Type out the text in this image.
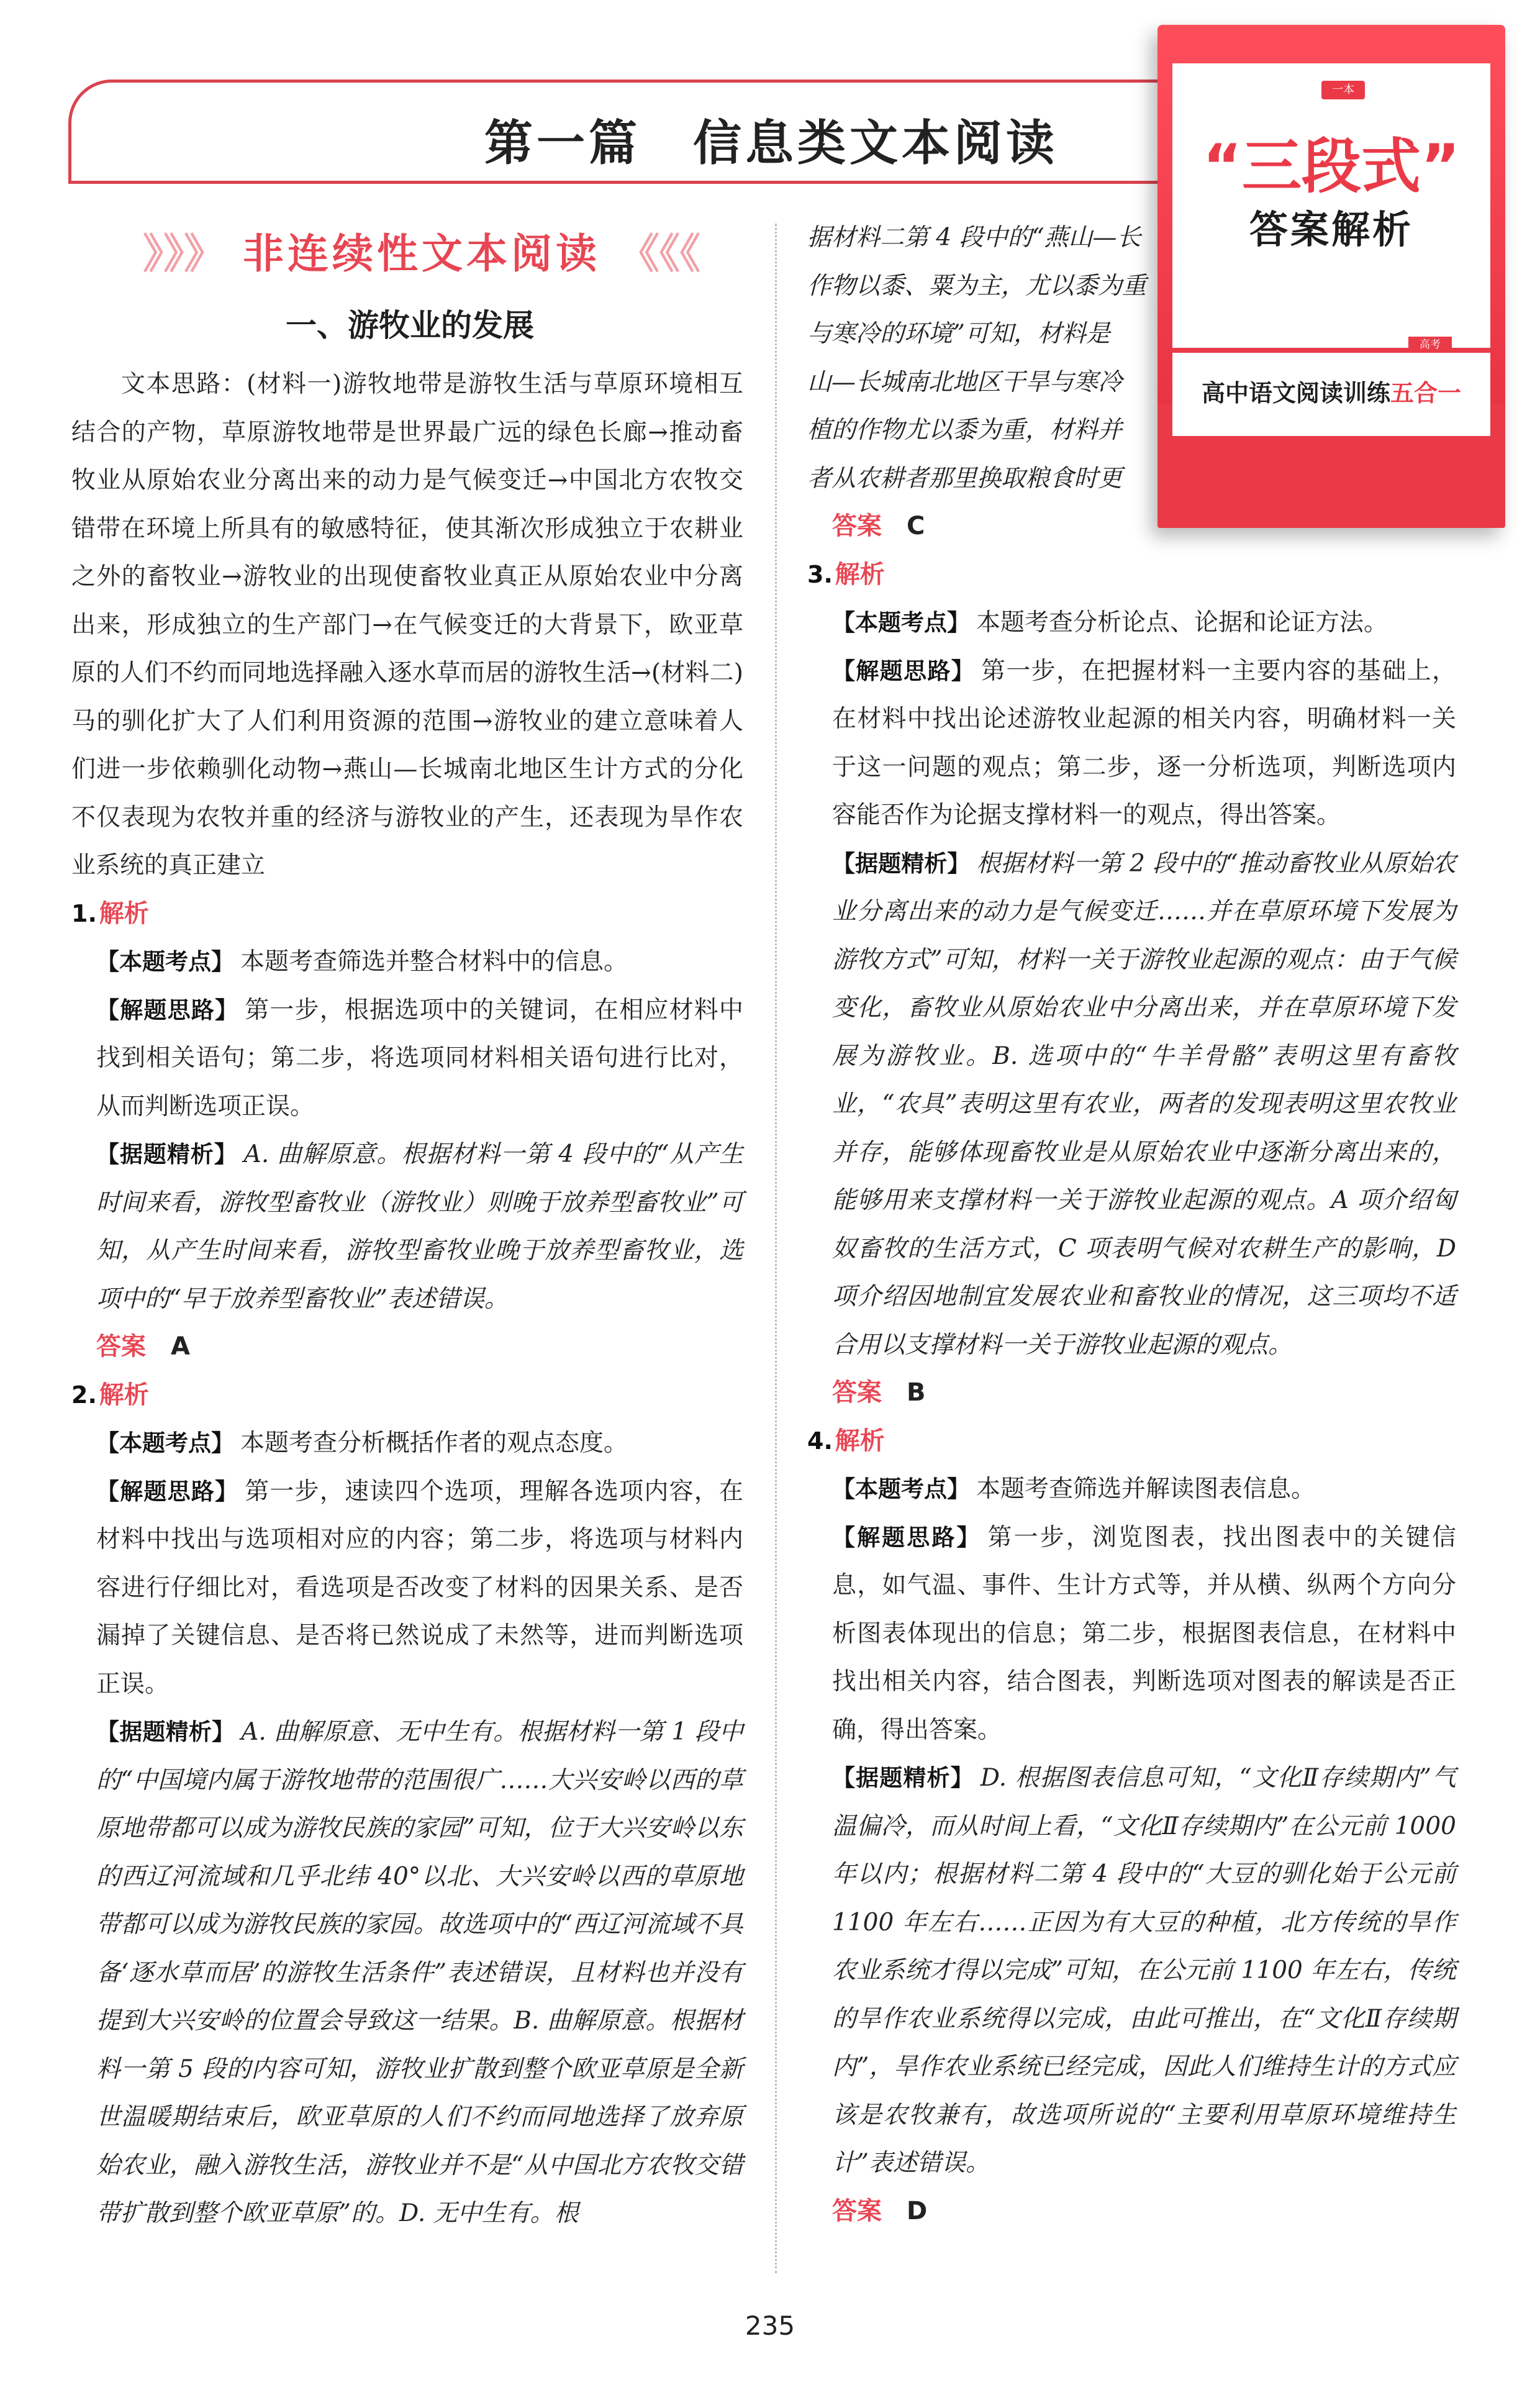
第一篇　信息类文本阅读
》》》 非连续性文本阅读 《《《
一、游牧业的发展

文本思路：(材料一)游牧地带是游牧生活与草原环境相互结合的产物，草原游牧地带是世界最广远的绿色长廊→推动畜牧业从原始农业分离出来的动力是气候变迁→中国北方农牧交错带在环境上所具有的敏感特征，使其渐次形成独立于农耕业之外的畜牧业→游牧业的出现使畜牧业真正从原始农业中分离出来，形成独立的生产部门→在气候变迁的大背景下，欧亚草原的人们不约而同地选择融入逐水草而居的游牧生活→(材料二)马的驯化扩大了人们利用资源的范围→游牧业的建立意味着人们进一步依赖驯化动物→燕山—长城南北地区生计方式的分化不仅表现为农牧并重的经济与游牧业的产生，还表现为旱作农业系统的真正建立

1. 解析

【本题考点】 本题考查筛选并整合材料中的信息。

【解题思路】 第一步，根据选项中的关键词，在相应材料中找到相关语句；第二步，将选项同材料相关语句进行比对，从而判断选项正误。

【据题精析】 A. 曲解原意。根据材料一第 4 段中的“从产生时间来看，游牧型畜牧业（游牧业）则晚于放养型畜牧业”可知，从产生时间来看，游牧型畜牧业晚于放养型畜牧业，选项中的“早于放养型畜牧业”表述错误。

答案 A

2. 解析

【本题考点】 本题考查分析概括作者的观点态度。

【解题思路】 第一步，速读四个选项，理解各选项内容，在材料中找出与选项相对应的内容；第二步，将选项与材料内容进行仔细比对，看选项是否改变了材料的因果关系、是否漏掉了关键信息、是否将已然说成了未然等，进而判断选项正误。

【据题精析】 A. 曲解原意、无中生有。根据材料一第 1 段中的“中国境内属于游牧地带的范围很广……大兴安岭以西的草原地带都可以成为游牧民族的家园”可知，位于大兴安岭以东的西辽河流域和几乎北纬 40°以北、大兴安岭以西的草原地带都可以成为游牧民族的家园。故选项中的“西辽河流域不具备‘逐水草而居’的游牧生活条件”表述错误，且材料也并没有提到大兴安岭的位置会导致这一结果。B. 曲解原意。根据材料一第 5 段的内容可知，游牧业扩散到整个欧亚草原是全新世温暖期结束后，欧亚草原的人们不约而同地选择了放弃原始农业，融入游牧生活，游牧业并不是“从中国北方农牧交错带扩散到整个欧亚草原”的。D. 无中生有。根

据材料二第 4 段中的“燕山—长
作物以黍、粟为主，尤以黍为重
与寒冷的环境”可知，材料是
山—长城南北地区干旱与寒冷
植的作物尤以黍为重，材料并
者从农耕者那里换取粮食时更

答案 C

3. 解析

【本题考点】 本题考查分析论点、论据和论证方法。

【解题思路】 第一步，在把握材料一主要内容的基础上，在材料中找出论述游牧业起源的相关内容，明确材料一关于这一问题的观点；第二步，逐一分析选项，判断选项内容能否作为论据支撑材料一的观点，得出答案。

【据题精析】 根据材料一第 2 段中的“推动畜牧业从原始农业分离出来的动力是气候变迁……并在草原环境下发展为游牧方式”可知，材料一关于游牧业起源的观点：由于气候变化，畜牧业从原始农业中分离出来，并在草原环境下发展为游牧业。B. 选项中的“牛羊骨骼”表明这里有畜牧业，“农具”表明这里有农业，两者的发现表明这里农牧业并存，能够体现畜牧业是从原始农业中逐渐分离出来的，能够用来支撑材料一关于游牧业起源的观点。A 项介绍匈奴畜牧的生活方式，C 项表明气候对农耕生产的影响，D 项介绍因地制宜发展农业和畜牧业的情况，这三项均不适合用以支撑材料一关于游牧业起源的观点。

答案 B

4. 解析

【本题考点】 本题考查筛选并解读图表信息。

【解题思路】 第一步，浏览图表，找出图表中的关键信息，如气温、事件、生计方式等，并从横、纵两个方向分析图表体现出的信息；第二步，根据图表信息，在材料中找出相关内容，结合图表，判断选项对图表的解读是否正确，得出答案。

【据题精析】 D. 根据图表信息可知，“文化Ⅱ存续期内”气温偏冷，而从时间上看，“文化Ⅱ存续期内”在公元前 1000 年以内；根据材料二第 4 段中的“大豆的驯化始于公元前 1100 年左右……正因为有大豆的种植，北方传统的旱作农业系统才得以完成”可知，在公元前 1100 年左右，传统的旱作农业系统得以完成，由此可推出，在“文化Ⅱ存续期内”，旱作农业系统已经完成，因此人们维持生计的方式应该是农牧兼有，故选项所说的“主要利用草原环境维持生计”表述错误。

答案 D

一本
“三段式”
答案解析
高考
高中语文阅读训练五合一
235
